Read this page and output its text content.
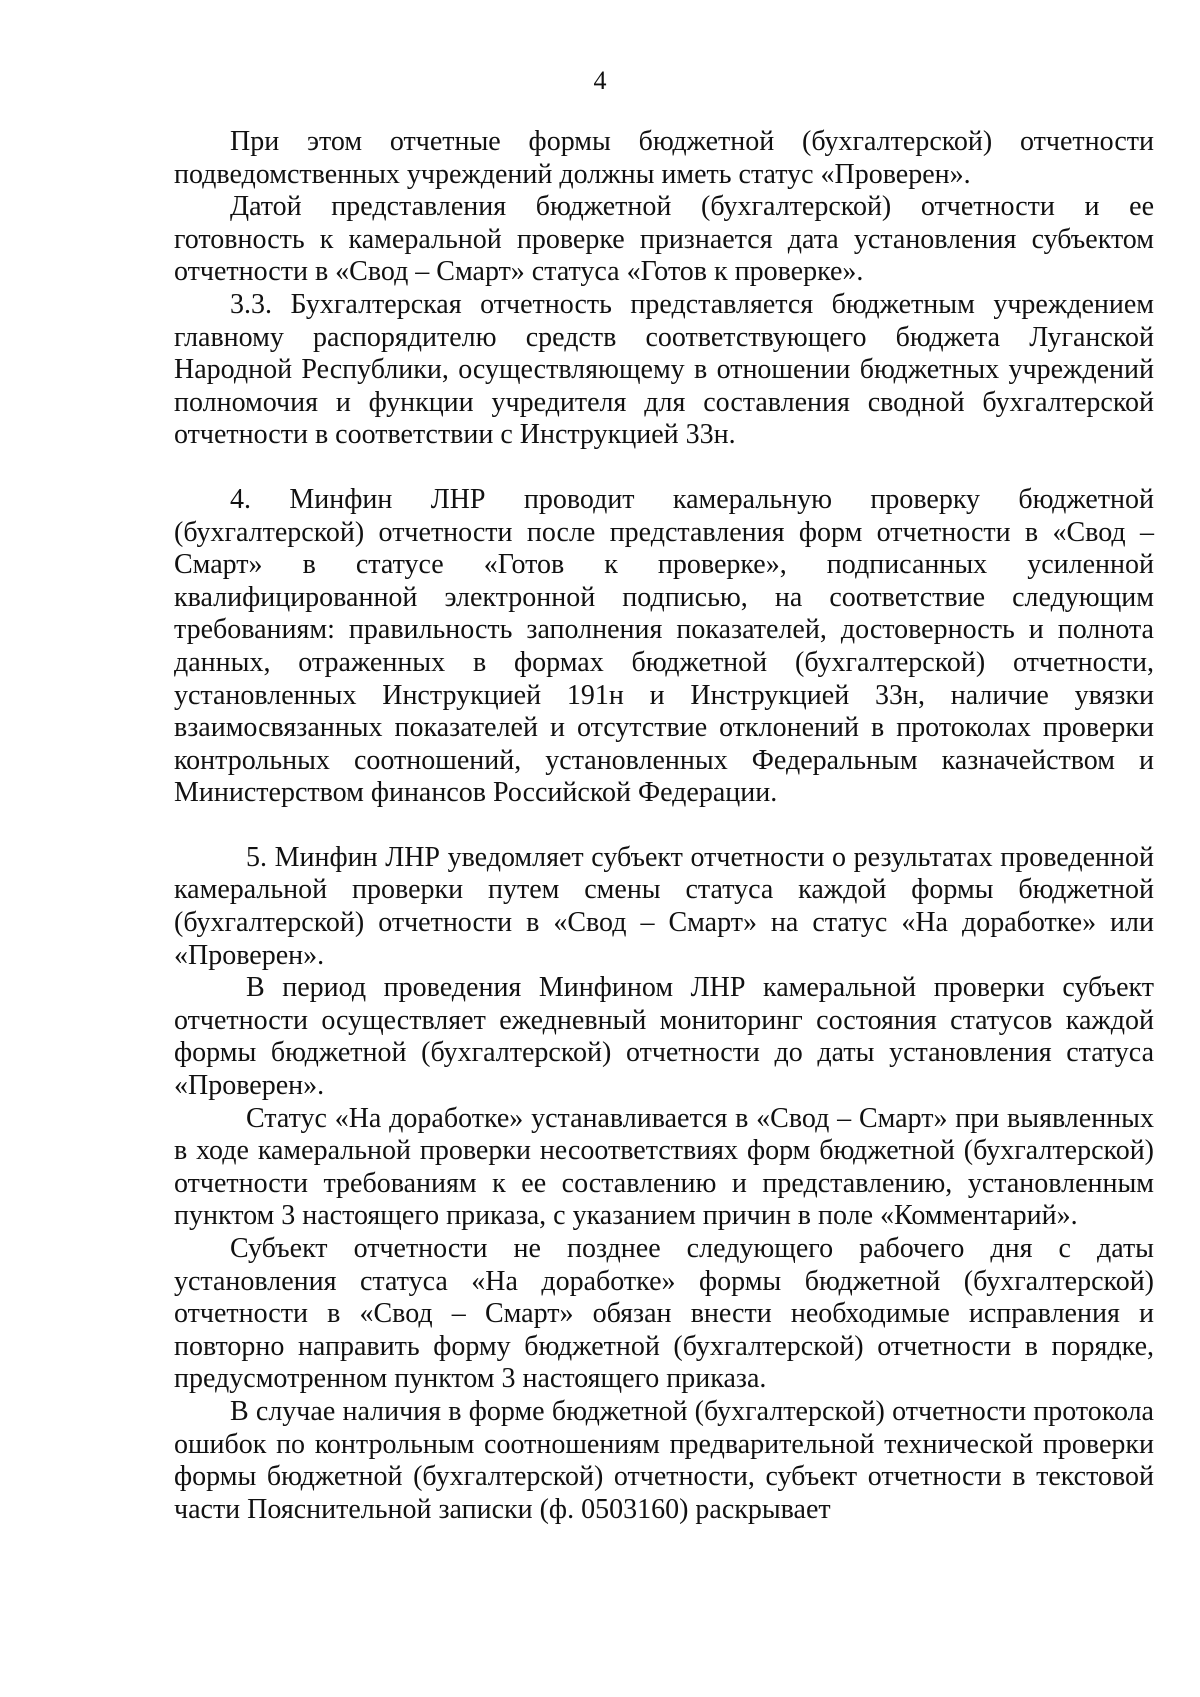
4

При этом отчетные формы бюджетной (бухгалтерской) отчетности подведомственных учреждений должны иметь статус «Проверен».

Датой представления бюджетной (бухгалтерской) отчетности и ее готовность к камеральной проверке признается дата установления субъектом отчетности в «Свод – Смарт» статуса «Готов к проверке».

3.3. Бухгалтерская отчетность представляется бюджетным учреждением главному распорядителю средств соответствующего бюджета Луганской Народной Республики, осуществляющему в отношении бюджетных учреждений полномочия и функции учредителя для составления сводной бухгалтерской отчетности в соответствии с Инструкцией 33н.

4. Минфин ЛНР проводит камеральную проверку бюджетной (бухгалтерской) отчетности после представления форм отчетности в «Свод – Смарт» в статусе «Готов к проверке», подписанных усиленной квалифицированной электронной подписью, на соответствие следующим требованиям: правильность заполнения показателей, достоверность и полнота данных, отраженных в формах бюджетной (бухгалтерской) отчетности, установленных Инструкцией 191н и Инструкцией 33н, наличие увязки взаимосвязанных показателей и отсутствие отклонений в протоколах проверки контрольных соотношений, установленных Федеральным казначейством и Министерством финансов Российской Федерации.

5. Минфин ЛНР уведомляет субъект отчетности о результатах проведенной камеральной проверки путем смены статуса каждой формы бюджетной (бухгалтерской) отчетности в «Свод – Смарт» на статус «На доработке» или «Проверен».

В период проведения Минфином ЛНР камеральной проверки субъект отчетности осуществляет ежедневный мониторинг состояния статусов каждой формы бюджетной (бухгалтерской) отчетности до даты установления статуса «Проверен».

Статус «На доработке» устанавливается в «Свод – Смарт» при выявленных в ходе камеральной проверки несоответствиях форм бюджетной (бухгалтерской) отчетности требованиям к ее составлению и представлению, установленным пунктом 3 настоящего приказа, с указанием причин в поле «Комментарий».

Субъект отчетности не позднее следующего рабочего дня с даты установления статуса «На доработке» формы бюджетной (бухгалтерской) отчетности в «Свод – Смарт» обязан внести необходимые исправления и повторно направить форму бюджетной (бухгалтерской) отчетности в порядке, предусмотренном пунктом 3 настоящего приказа.

В случае наличия в форме бюджетной (бухгалтерской) отчетности протокола ошибок по контрольным соотношениям предварительной технической проверки формы бюджетной (бухгалтерской) отчетности, субъект отчетности в текстовой части Пояснительной записки (ф. 0503160) раскрывает
